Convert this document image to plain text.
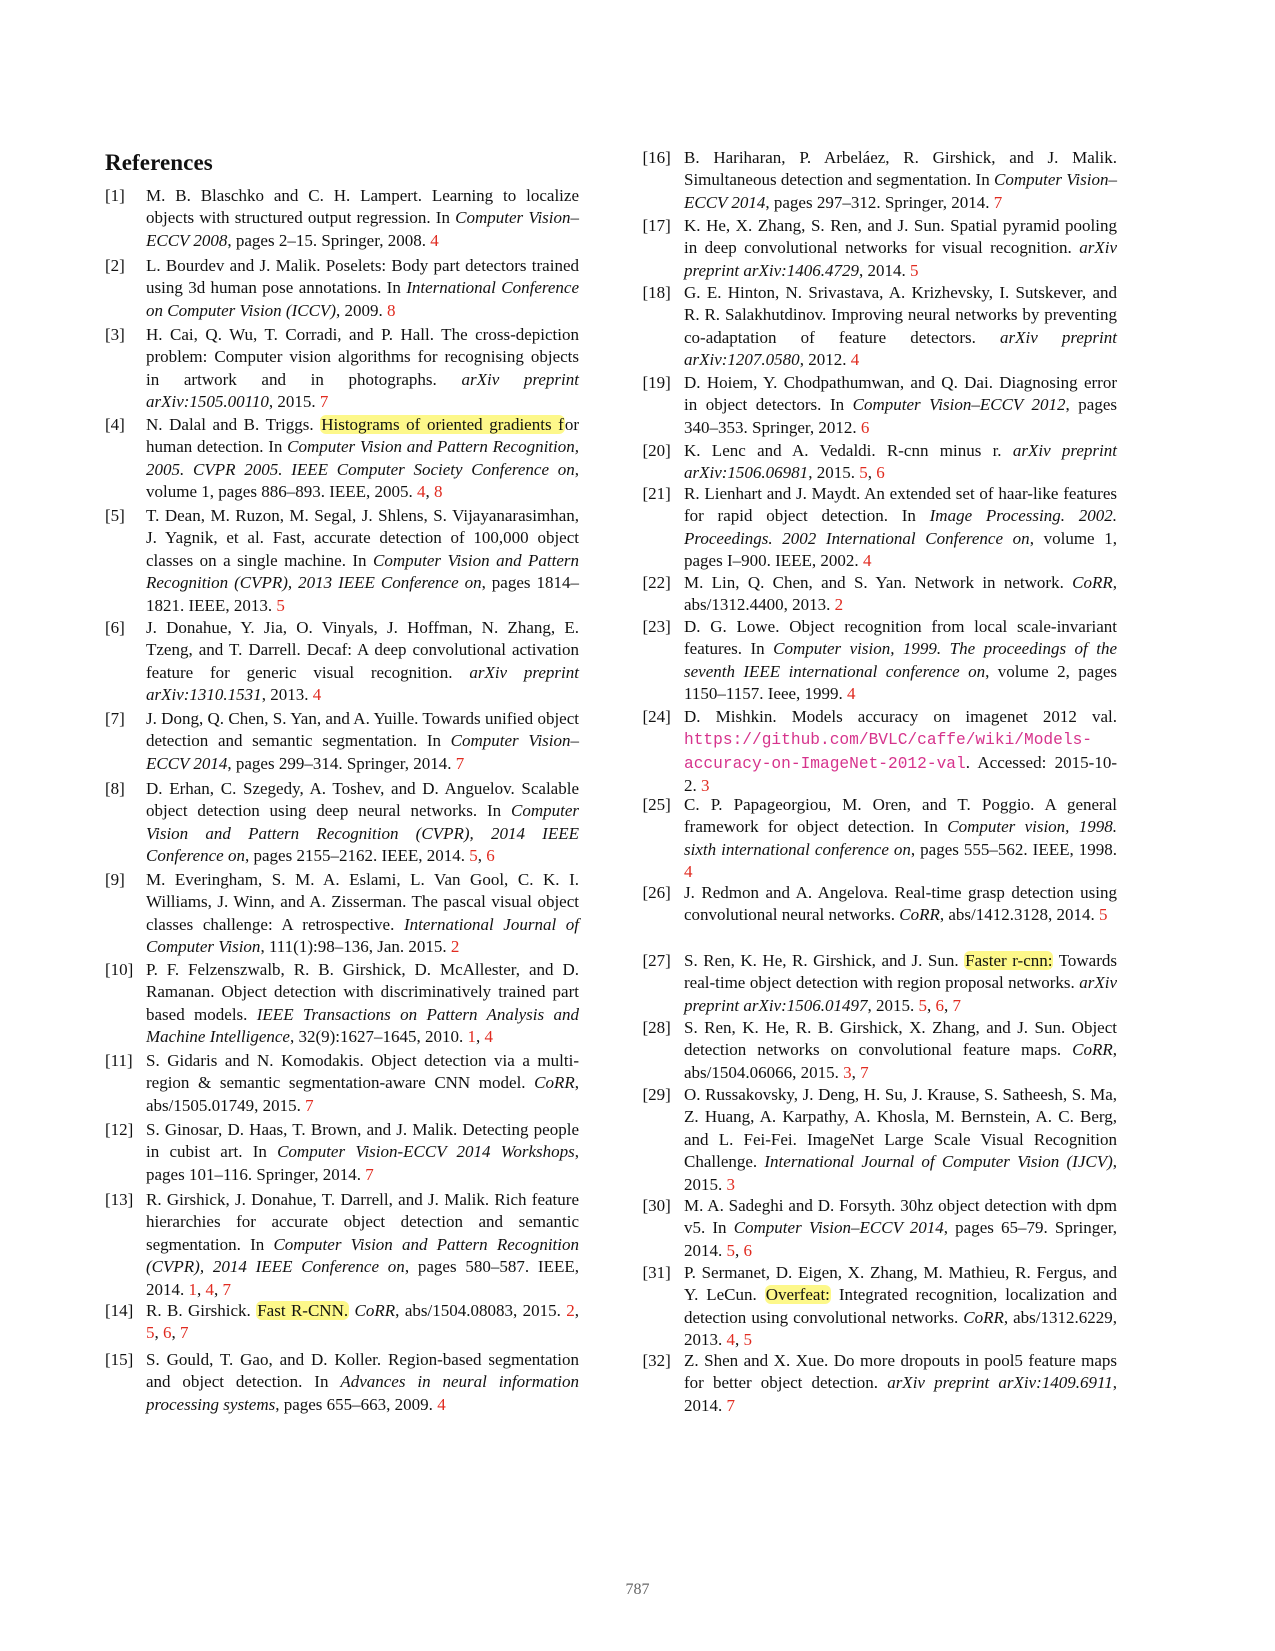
References
[1] M. B. Blaschko and C. H. Lampert. Learning to localize objects with structured output regression. In Computer Vision–ECCV 2008, pages 2–15. Springer, 2008. 4
[2] L. Bourdev and J. Malik. Poselets: Body part detectors trained using 3d human pose annotations. In International Conference on Computer Vision (ICCV), 2009. 8
[3] H. Cai, Q. Wu, T. Corradi, and P. Hall. The cross-depiction problem: Computer vision algorithms for recognising objects in artwork and in photographs. arXiv preprint arXiv:1505.00110, 2015. 7
[4] N. Dalal and B. Triggs. Histograms of oriented gradients for human detection. In Computer Vision and Pattern Recognition, 2005. CVPR 2005. IEEE Computer Society Conference on, volume 1, pages 886–893. IEEE, 2005. 4, 8
[5] T. Dean, M. Ruzon, M. Segal, J. Shlens, S. Vijayanarasimhan, J. Yagnik, et al. Fast, accurate detection of 100,000 object classes on a single machine. In Computer Vision and Pattern Recognition (CVPR), 2013 IEEE Conference on, pages 1814–1821. IEEE, 2013. 5
[6] J. Donahue, Y. Jia, O. Vinyals, J. Hoffman, N. Zhang, E. Tzeng, and T. Darrell. Decaf: A deep convolutional activation feature for generic visual recognition. arXiv preprint arXiv:1310.1531, 2013. 4
[7] J. Dong, Q. Chen, S. Yan, and A. Yuille. Towards unified object detection and semantic segmentation. In Computer Vision–ECCV 2014, pages 299–314. Springer, 2014. 7
[8] D. Erhan, C. Szegedy, A. Toshev, and D. Anguelov. Scalable object detection using deep neural networks. In Computer Vision and Pattern Recognition (CVPR), 2014 IEEE Conference on, pages 2155–2162. IEEE, 2014. 5, 6
[9] M. Everingham, S. M. A. Eslami, L. Van Gool, C. K. I. Williams, J. Winn, and A. Zisserman. The pascal visual object classes challenge: A retrospective. International Journal of Computer Vision, 111(1):98–136, Jan. 2015. 2
[10] P. F. Felzenszwalb, R. B. Girshick, D. McAllester, and D. Ramanan. Object detection with discriminatively trained part based models. IEEE Transactions on Pattern Analysis and Machine Intelligence, 32(9):1627–1645, 2010. 1, 4
[11] S. Gidaris and N. Komodakis. Object detection via a multi-region & semantic segmentation-aware CNN model. CoRR, abs/1505.01749, 2015. 7
[12] S. Ginosar, D. Haas, T. Brown, and J. Malik. Detecting people in cubist art. In Computer Vision-ECCV 2014 Workshops, pages 101–116. Springer, 2014. 7
[13] R. Girshick, J. Donahue, T. Darrell, and J. Malik. Rich feature hierarchies for accurate object detection and semantic segmentation. In Computer Vision and Pattern Recognition (CVPR), 2014 IEEE Conference on, pages 580–587. IEEE, 2014. 1, 4, 7
[14] R. B. Girshick. Fast R-CNN. CoRR, abs/1504.08083, 2015. 2, 5, 6, 7
[15] S. Gould, T. Gao, and D. Koller. Region-based segmentation and object detection. In Advances in neural information processing systems, pages 655–663, 2009. 4
[16] B. Hariharan, P. Arbeláez, R. Girshick, and J. Malik. Simultaneous detection and segmentation. In Computer Vision–ECCV 2014, pages 297–312. Springer, 2014. 7
[17] K. He, X. Zhang, S. Ren, and J. Sun. Spatial pyramid pooling in deep convolutional networks for visual recognition. arXiv preprint arXiv:1406.4729, 2014. 5
[18] G. E. Hinton, N. Srivastava, A. Krizhevsky, I. Sutskever, and R. R. Salakhutdinov. Improving neural networks by preventing co-adaptation of feature detectors. arXiv preprint arXiv:1207.0580, 2012. 4
[19] D. Hoiem, Y. Chodpathumwan, and Q. Dai. Diagnosing error in object detectors. In Computer Vision–ECCV 2012, pages 340–353. Springer, 2012. 6
[20] K. Lenc and A. Vedaldi. R-cnn minus r. arXiv preprint arXiv:1506.06981, 2015. 5, 6
[21] R. Lienhart and J. Maydt. An extended set of haar-like features for rapid object detection. In Image Processing. 2002. Proceedings. 2002 International Conference on, volume 1, pages I–900. IEEE, 2002. 4
[22] M. Lin, Q. Chen, and S. Yan. Network in network. CoRR, abs/1312.4400, 2013. 2
[23] D. G. Lowe. Object recognition from local scale-invariant features. In Computer vision, 1999. The proceedings of the seventh IEEE international conference on, volume 2, pages 1150–1157. Ieee, 1999. 4
[24] D. Mishkin. Models accuracy on imagenet 2012 val. https://github.com/BVLC/caffe/wiki/Models-accuracy-on-ImageNet-2012-val. Accessed: 2015-10-2. 3
[25] C. P. Papageorgiou, M. Oren, and T. Poggio. A general framework for object detection. In Computer vision, 1998. sixth international conference on, pages 555–562. IEEE, 1998. 4
[26] J. Redmon and A. Angelova. Real-time grasp detection using convolutional neural networks. CoRR, abs/1412.3128, 2014. 5
[27] S. Ren, K. He, R. Girshick, and J. Sun. Faster r-cnn: Towards real-time object detection with region proposal networks. arXiv preprint arXiv:1506.01497, 2015. 5, 6, 7
[28] S. Ren, K. He, R. B. Girshick, X. Zhang, and J. Sun. Object detection networks on convolutional feature maps. CoRR, abs/1504.06066, 2015. 3, 7
[29] O. Russakovsky, J. Deng, H. Su, J. Krause, S. Satheesh, S. Ma, Z. Huang, A. Karpathy, A. Khosla, M. Bernstein, A. C. Berg, and L. Fei-Fei. ImageNet Large Scale Visual Recognition Challenge. International Journal of Computer Vision (IJCV), 2015. 3
[30] M. A. Sadeghi and D. Forsyth. 30hz object detection with dpm v5. In Computer Vision–ECCV 2014, pages 65–79. Springer, 2014. 5, 6
[31] P. Sermanet, D. Eigen, X. Zhang, M. Mathieu, R. Fergus, and Y. LeCun. Overfeat: Integrated recognition, localization and detection using convolutional networks. CoRR, abs/1312.6229, 2013. 4, 5
[32] Z. Shen and X. Xue. Do more dropouts in pool5 feature maps for better object detection. arXiv preprint arXiv:1409.6911, 2014. 7
787
